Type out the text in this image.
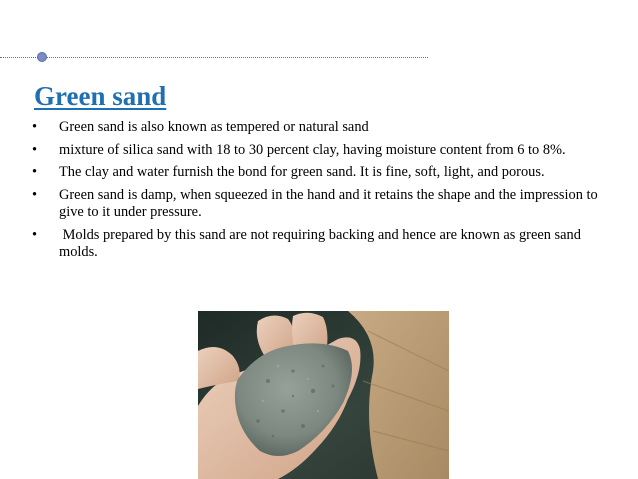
Green sand
•	Green sand is also known as tempered or natural sand
•	mixture of silica sand with 18 to 30 percent clay, having moisture content from 6 to 8%.
•	The clay and water furnish the bond for green sand. It is fine, soft, light, and porous.
•	Green sand is damp, when squeezed in the hand and it retains the shape and the impression to give to it under pressure.
•	Molds prepared by this sand are not requiring backing and hence are known as green sand molds.
